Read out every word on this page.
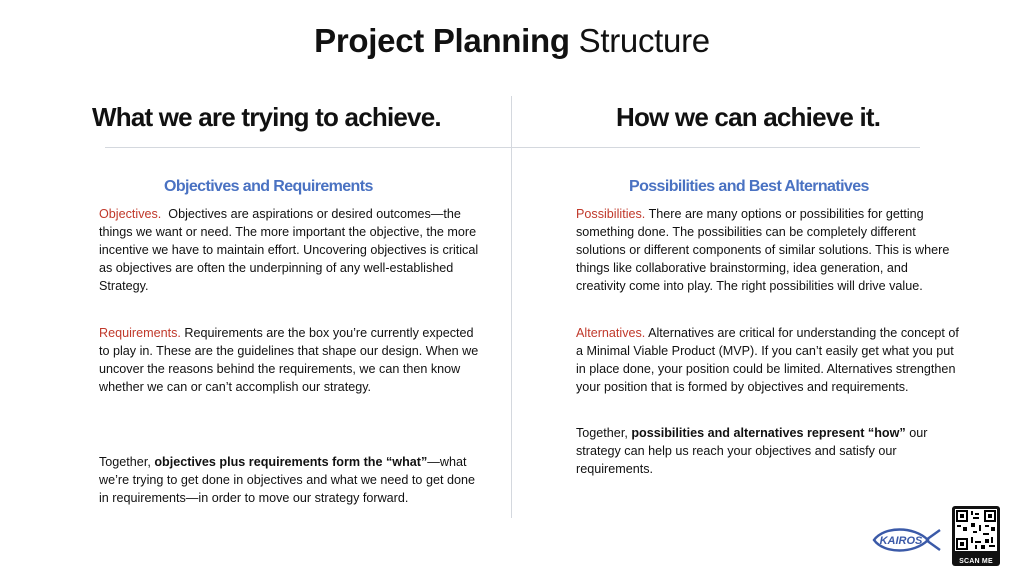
Project Planning Structure
What we are trying to achieve.	How we can achieve it.
Objectives and Requirements	Possibilities and Best Alternatives
Objectives. Objectives are aspirations or desired outcomes—the things we want or need. The more important the objective, the more incentive we have to maintain effort. Uncovering objectives is critical as objectives are often the underpinning of any well-established Strategy.
Requirements. Requirements are the box you’re currently expected to play in. These are the guidelines that shape our design. When we uncover the reasons behind the requirements, we can then know whether we can or can’t accomplish our strategy.
Together, objectives plus requirements form the “what”—what we’re trying to get done in objectives and what we need to get done in requirements—in order to move our strategy forward.
Possibilities. There are many options or possibilities for getting something done. The possibilities can be completely different solutions or different components of similar solutions. This is where things like collaborative brainstorming, idea generation, and creativity come into play. The right possibilities will drive value.
Alternatives. Alternatives are critical for understanding the concept of a Minimal Viable Product (MVP). If you can’t easily get what you put in place done, your position could be limited. Alternatives strengthen your position that is formed by objectives and requirements.
Together, possibilities and alternatives represent “how” our strategy can help us reach your objectives and satisfy our requirements.
KAIROS
SCAN ME
